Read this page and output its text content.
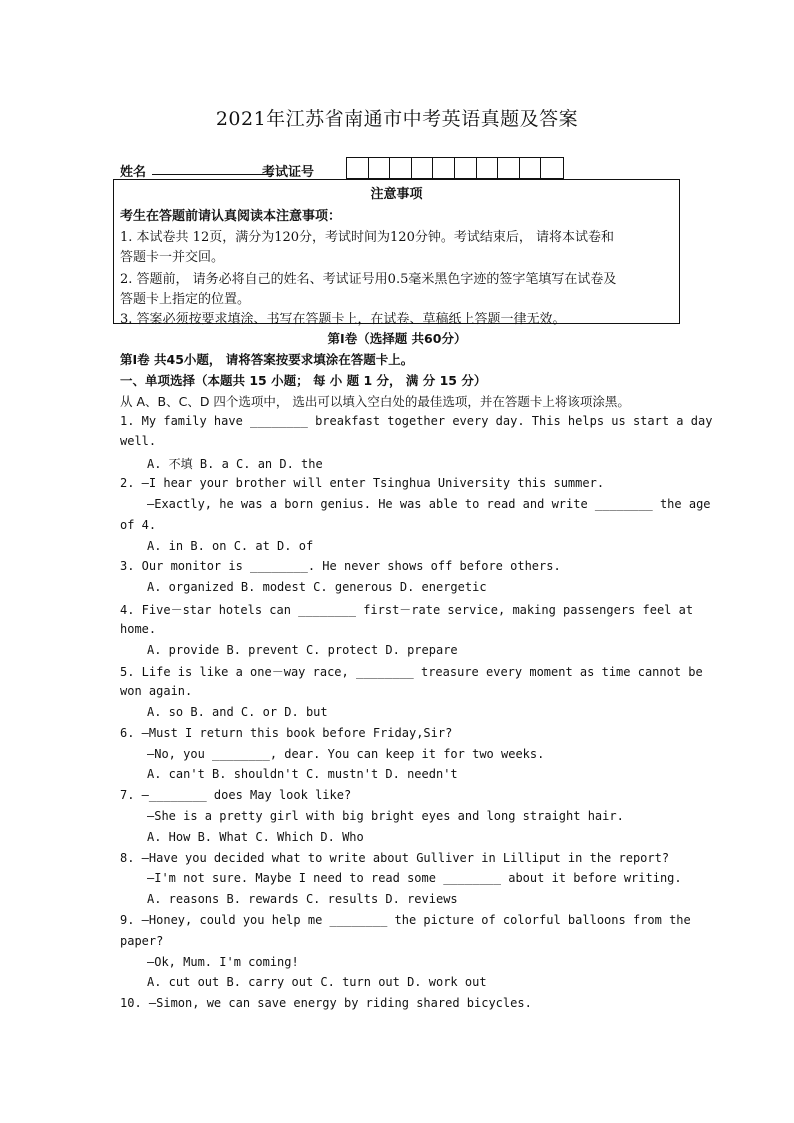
2021年江苏省南通市中考英语真题及答案
姓名	考试证号
注意事项
考生在答题前请认真阅读本注意事项：
1. 本试卷共 12页，满分为120分，考试时间为120分钟。考试结束后， 请将本试卷和
答题卡一并交回。
2. 答题前， 请务必将自己的姓名、考试证号用0.5毫米黑色字迹的签字笔填写在试卷及
答题卡上指定的位置。
3. 答案必须按要求填涂、书写在答题卡上，在试卷、草稿纸上答题一律无效。
第Ⅰ卷（选择题 共60分）
第Ⅰ卷 共45小题， 请将答案按要求填涂在答题卡上。
一、单项选择（本题共 15 小题； 每 小 题 1 分， 满 分 15 分）
从 A、B、C、D 四个选项中， 选出可以填入空白处的最佳选项，并在答题卡上将该项涂黑。
1. My family have ________ breakfast together every day. This helps us start a day
well.
A. 不填 B. a C. an D. the
2. —I hear your brother will enter Tsinghua University this summer.
—Exactly, he was a born genius. He was able to read and write ________ the age
of 4.
A. in B. on C. at D. of
3. Our monitor is ________. He never shows off before others.
A. organized B. modest C. generous D. energetic
4. Five－star hotels can ________ first－rate service, making passengers feel at
home.
A. provide B. prevent C. protect D. prepare
5. Life is like a one－way race, ________ treasure every moment as time cannot be
won again.
A. so B. and C. or D. but
6. —Must I return this book before Friday,Sir?
—No, you ________, dear. You can keep it for two weeks.
A. can't B. shouldn't C. mustn't D. needn't
7. —________ does May look like?
—She is a pretty girl with big bright eyes and long straight hair.
A. How B. What C. Which D. Who
8. —Have you decided what to write about Gulliver in Lilliput in the report?
—I'm not sure. Maybe I need to read some ________ about it before writing.
A. reasons B. rewards C. results D. reviews
9. —Honey, could you help me ________ the picture of colorful balloons from the
paper?
—Ok, Mum. I'm coming!
A. cut out B. carry out C. turn out D. work out
10. —Simon, we can save energy by riding shared bicycles.
